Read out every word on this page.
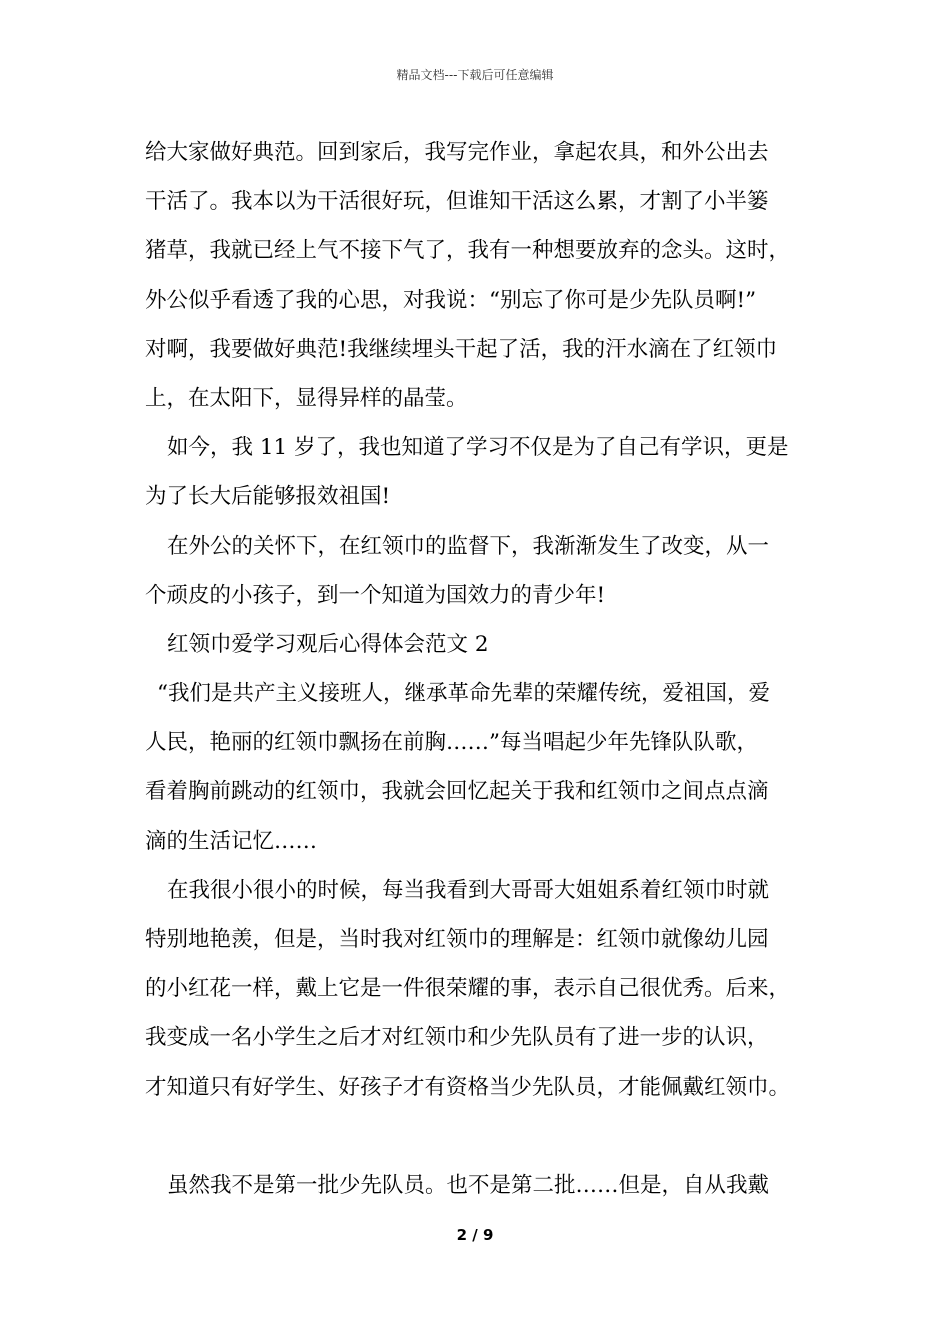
精品文档---下载后可任意编辑
给大家做好典范。回到家后，我写完作业，拿起农具，和外公出去
干活了。我本以为干活很好玩，但谁知干活这么累，才割了小半篓
猪草，我就已经上气不接下气了，我有一种想要放弃的念头。这时，
外公似乎看透了我的心思，对我说：“别忘了你可是少先队员啊!”
对啊，我要做好典范!我继续埋头干起了活，我的汗水滴在了红领巾
上，在太阳下，显得异样的晶莹。
如今，我 11 岁了，我也知道了学习不仅是为了自己有学识，更是
为了长大后能够报效祖国!
在外公的关怀下，在红领巾的监督下，我渐渐发生了改变，从一
个顽皮的小孩子，到一个知道为国效力的青少年!
红领巾爱学习观后心得体会范文 2
“我们是共产主义接班人，继承革命先辈的荣耀传统，爱祖国，爱
人民，艳丽的红领巾飘扬在前胸……”每当唱起少年先锋队队歌，
看着胸前跳动的红领巾，我就会回忆起关于我和红领巾之间点点滴
滴的生活记忆……
在我很小很小的时候，每当我看到大哥哥大姐姐系着红领巾时就
特别地艳羡，但是，当时我对红领巾的理解是：红领巾就像幼儿园
的小红花一样，戴上它是一件很荣耀的事，表示自己很优秀。后来，
我变成一名小学生之后才对红领巾和少先队员有了进一步的认识，
才知道只有好学生、好孩子才有资格当少先队员，才能佩戴红领巾。
虽然我不是第一批少先队员。也不是第二批……但是，自从我戴
2 / 9
